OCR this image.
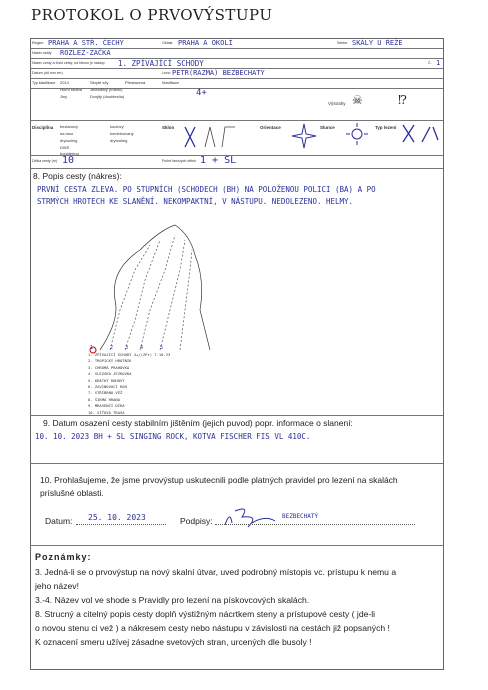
PROTOKOL O PRVOVÝSTUPU
Region PRAHA A STŘ. ČECHY	Oblast PRAHA A OKOLÍ	Sektor SKÁLY U ŘEŽE
Název skály ROZLEZ-ZAČKA
Název cesty a číslo cesty, na kterou je nástup	1. ZPÍVAJÍCÍ SCHODY	Č. 1
Datum (dd.mm.rrrr)	Lezci PETR(RAZMA) BEZBECHATÝ
Typ klasifikace 2014	Skryté síly
Horní strana
Jiný
Jednotlivý (místní)
Dvojitý (doublesíla)
Přestavená	Klasifikace
4+
Výstrahy ☠	⁉
Disciplína bezlanový
na lano
drytooling
DWS
bouldering
koulový
kombinovaný
drytooling
Sklon	Orientace	Slunce	Typ lezení
Délka cesty (m) 10	Počet lanových délek 1 + SL
8. Popis cesty (nákres):
PRVNÍ CESTA ZLEVA. PO STUPNÍCH (SCHODECH (BH) NA POLOŽENOU POLICI (BA) A PO
STRMÝCH HROTECH KE SLANĚNÍ. NEKOMPAKTNÍ, V NÁSTUPU. NEDOLEZENO. HELMY.
1	2 3 4	5
1. ZPÍVAJÍCÍ SCHODY 4+/(ZPr) 7.10.23
2. TROPICKÝ HROTNIK
3. CHROMÁ PRAHOVKA
4. SLEZSKÁ JEZKOVKA
5. KRÁTKÝ ROHOVÝ
6. ZAVINOVACÍ ROH
7. STŘÍBRNÁ VĚŽ
8. ŠIKMÁ HRANA
9. MRAVENČÍ DÍRA
10. SÍŤOVÁ TRASA
9. Datum osazení cesty stabilním jištěním (jejich puvod) popr. informace o slanení:
10. 10. 2023 BH + SL SINGING ROCK, KOTVA FISCHER FIS VL 410C.
10. Prohlašujeme, že jsme prvovýstup uskutecnili podle platných pravidel pro lezení na skalách
príslušné oblasti.
Datum: 25. 10. 2023	Podpisy:	BEZBECHATÝ
Poznámky:
3. Jedná-li se o prvovýstup na nový skalní útvar, uved podrobný místopis vc. prístupu k nemu a
jeho název!
3.-4. Název vol ve shode s Pravidly pro lezení na pískovcových skalách.
8. Strucný a citelný popis cesty doplň výstižným nácrtkem steny a prístupové cesty ( jde-li
o novou stenu ci vež ) a nákresem cesty nebo nástupu v závislosti na cestách již popsaných !
K oznacení smeru užívej zásadne svetových stran, urcených dle busoly !
